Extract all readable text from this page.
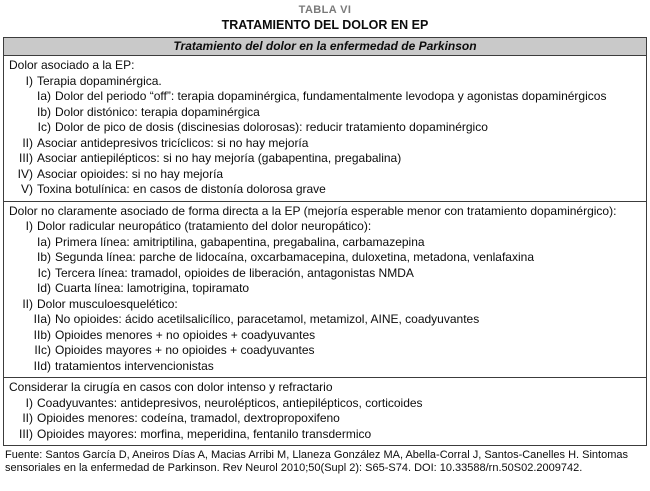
TABLA VI
TRATAMIENTO DEL DOLOR EN EP
Tratamiento del dolor en la enfermedad de Parkinson
Dolor asociado a la EP:
I) Terapia dopaminérgica.
Ia) Dolor del periodo “off”: terapia dopaminérgica, fundamentalmente levodopa y agonistas dopaminérgicos
Ib) Dolor distónico: terapia dopaminérgica
Ic) Dolor de pico de dosis (discinesias dolorosas): reducir tratamiento dopaminérgico
II) Asociar antidepresivos tricíclicos: si no hay mejoría
III) Asociar antiepilépticos: si no hay mejoría (gabapentina, pregabalina)
IV) Asociar opioides: si no hay mejoría
V) Toxina botulínica: en casos de distonía dolorosa grave
Dolor no claramente asociado de forma directa a la EP (mejoría esperable menor con tratamiento dopaminérgico):
I) Dolor radicular neuropático (tratamiento del dolor neuropático):
Ia) Primera línea: amitriptilina, gabapentina, pregabalina, carbamazepina
Ib) Segunda línea: parche de lidocaína, oxcarbamacepina, duloxetina, metadona, venlafaxina
Ic) Tercera línea: tramadol, opioides de liberación, antagonistas NMDA
Id) Cuarta línea: lamotrigina, topiramato
II) Dolor musculoesquelético:
IIa) No opioides: ácido acetilsalicílico, paracetamol, metamizol, AINE, coadyuvantes
IIb) Opioides menores + no opioides + coadyuvantes
IIc) Opioides mayores + no opioides + coadyuvantes
IId) tratamientos intervencionistas
Considerar la cirugía en casos con dolor intenso y refractario
I) Coadyuvantes: antidepresivos, neurolépticos, antiepilépticos, corticoides
II) Opioides menores: codeína, tramadol, dextropropoxifeno
III) Opioides mayores: morfina, meperidina, fentanilo transdermico
Fuente: Santos García D, Aneiros Días A, Macias Arribi M, Llaneza González MA, Abella-Corral J, Santos-Canelles H. Sintomas sensoriales en la enfermedad de Parkinson. Rev Neurol 2010;50(Supl 2): S65-S74. DOI: 10.33588/rn.50S02.2009742.
